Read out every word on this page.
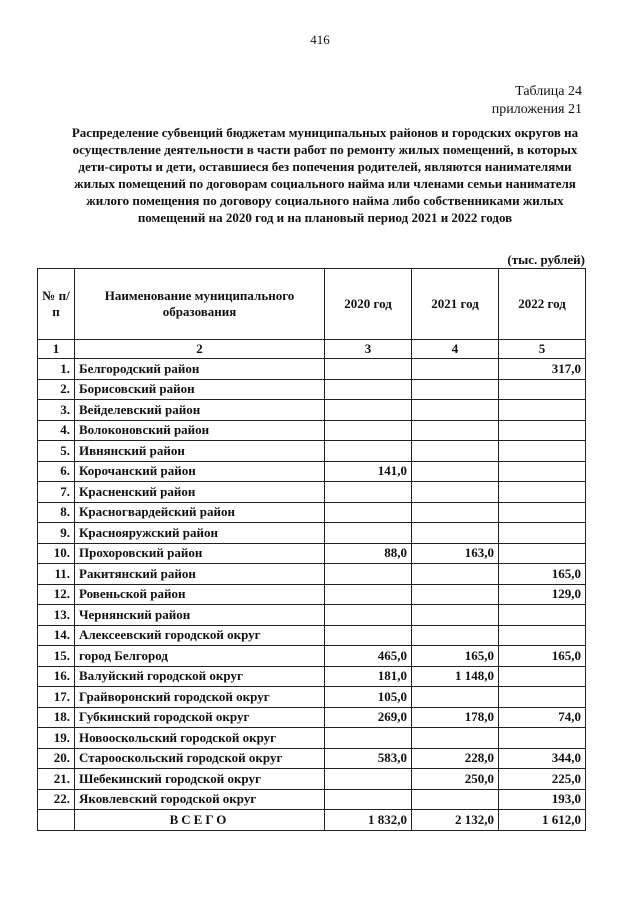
416
Таблица 24
приложения 21
Распределение субвенций бюджетам муниципальных районов и городских округов на осуществление деятельности в части работ по ремонту жилых помещений, в которых дети-сироты и дети, оставшиеся без попечения родителей, являются нанимателями жилых помещений по договорам социального найма или членами семьи нанимателя жилого помещения по договору социального найма либо собственниками жилых помещений на 2020 год и на плановый период 2021 и 2022 годов
(тыс. рублей)
№ п/п	Наименование муниципального образования	2020 год	2021 год	2022 год
1	2	3	4	5
1.	Белгородский район			317,0
2.	Борисовский район			
3.	Вейделевский район			
4.	Волоконовский район			
5.	Ивнянский район			
6.	Корочанский район	141,0		
7.	Красненский район			
8.	Красногвардейский район			
9.	Краснояружский район			
10.	Прохоровский район	88,0	163,0	
11.	Ракитянский район			165,0
12.	Ровеньской район			129,0
13.	Чернянский район			
14.	Алексеевский городской округ			
15.	город Белгород	465,0	165,0	165,0
16.	Валуйский городской округ	181,0	1 148,0	
17.	Грайворонский городской округ	105,0		
18.	Губкинский городской округ	269,0	178,0	74,0
19.	Новооскольский городской округ			
20.	Старооскольский городской округ	583,0	228,0	344,0
21.	Шебекинский городской округ		250,0	225,0
22.	Яковлевский городской округ			193,0
	ВСЕГО	1 832,0	2 132,0	1 612,0
